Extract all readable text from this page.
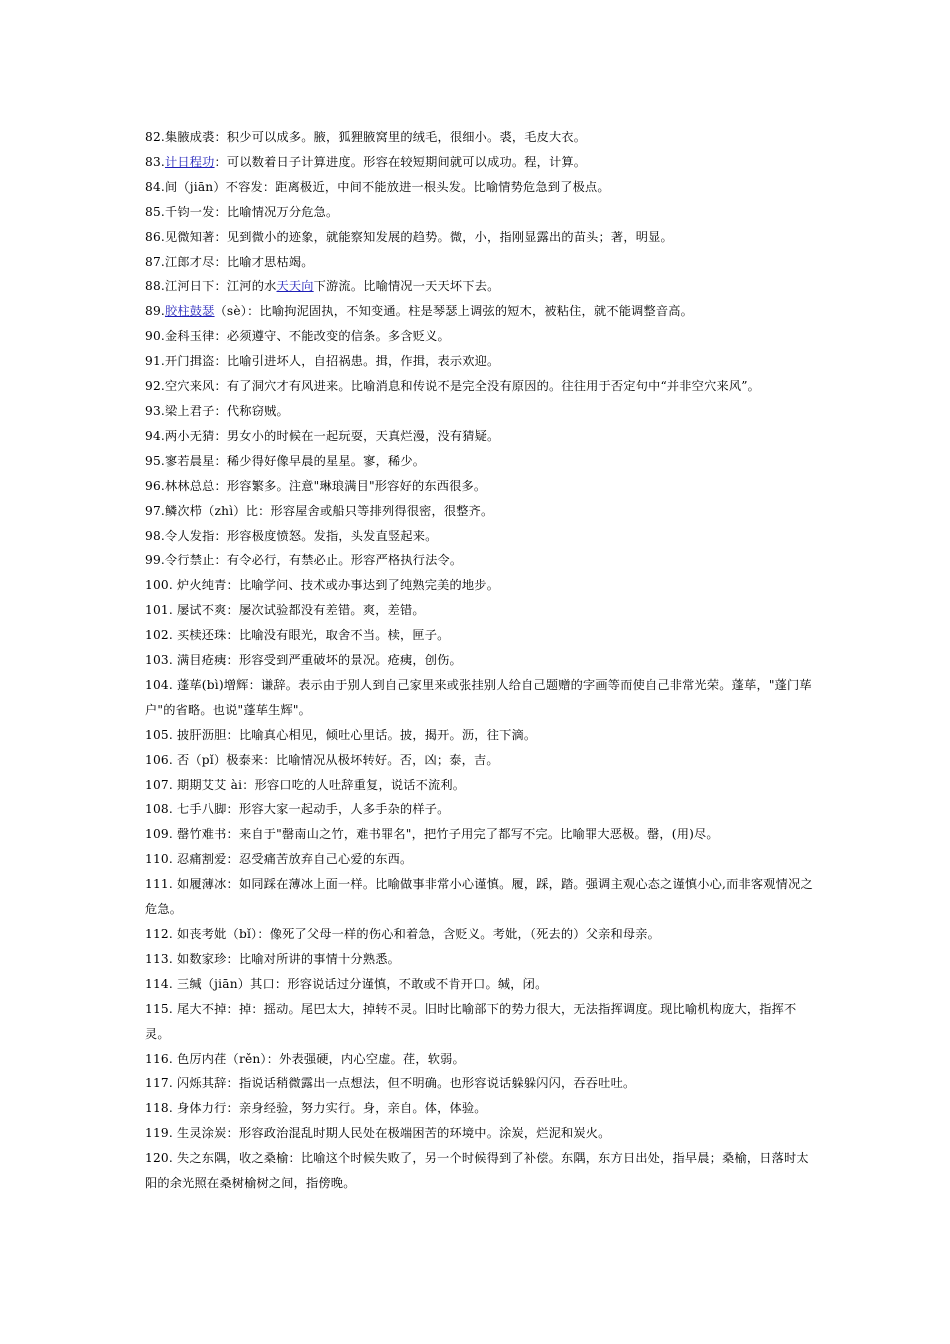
82.集腋成裘：积少可以成多。腋，狐狸腋窝里的绒毛，很细小。裘，毛皮大衣。

83.计日程功：可以数着日子计算进度。形容在较短期间就可以成功。程，计算。

84.间（jiān）不容发：距离极近，中间不能放进一根头发。比喻情势危急到了极点。

85.千钧一发：比喻情况万分危急。

86.见微知著：见到微小的迹象，就能察知发展的趋势。微，小，指刚显露出的苗头；著，明显。

87.江郎才尽：比喻才思枯竭。

88.江河日下：江河的水天天向下游流。比喻情况一天天坏下去。

89.胶柱鼓瑟（sè）：比喻拘泥固执，不知变通。柱是琴瑟上调弦的短木，被粘住，就不能调整音高。

90.金科玉律：必须遵守、不能改变的信条。多含贬义。

91.开门揖盗：比喻引进坏人，自招祸患。揖，作揖，表示欢迎。

92.空穴来风：有了洞穴才有风进来。比喻消息和传说不是完全没有原因的。往往用于否定句中“并非空穴来风”。

93.梁上君子：代称窃贼。

94.两小无猜：男女小的时候在一起玩耍，天真烂漫，没有猜疑。

95.寥若晨星：稀少得好像早晨的星星。寥，稀少。

96.林林总总：形容繁多。注意"琳琅满目"形容好的东西很多。

97.鳞次栉（zhì）比：形容屋舍或船只等排列得很密，很整齐。

98.令人发指：形容极度愤怒。发指，头发直竖起来。

99.令行禁止：有令必行，有禁必止。形容严格执行法令。

100. 炉火纯青：比喻学问、技术或办事达到了纯熟完美的地步。

101. 屡试不爽：屡次试验都没有差错。爽，差错。

102. 买椟还珠：比喻没有眼光，取舍不当。椟，匣子。

103. 满目疮痍：形容受到严重破坏的景况。疮痍，创伤。

104. 蓬荜(bì)增辉：谦辞。表示由于别人到自己家里来或张挂别人给自己题赠的字画等而使自己非常光荣。蓬荜，"蓬门荜户"的省略。也说"蓬荜生辉"。

105. 披肝沥胆：比喻真心相见，倾吐心里话。披，揭开。沥，往下滴。

106. 否（pǐ）极泰来：比喻情况从极坏转好。否，凶；泰，吉。

107. 期期艾艾 ài：形容口吃的人吐辞重复，说话不流利。

108. 七手八脚：形容大家一起动手，人多手杂的样子。

109. 罄竹难书：来自于"罄南山之竹，难书罪名"，把竹子用完了都写不完。比喻罪大恶极。罄，(用)尽。

110. 忍痛割爱：忍受痛苦放弃自己心爱的东西。

111. 如履薄冰：如同踩在薄冰上面一样。比喻做事非常小心谨慎。履，踩，踏。强调主观心态之谨慎小心,而非客观情况之危急。

112. 如丧考妣（bǐ）：像死了父母一样的伤心和着急，含贬义。考妣，（死去的）父亲和母亲。

113. 如数家珍：比喻对所讲的事情十分熟悉。

114. 三缄（jiān）其口：形容说话过分谨慎，不敢或不肯开口。缄，闭。

115. 尾大不掉：掉：摇动。尾巴太大，掉转不灵。旧时比喻部下的势力很大，无法指挥调度。现比喻机构庞大，指挥不灵。

116. 色厉内荏（rěn）：外表强硬，内心空虚。荏，软弱。

117. 闪烁其辞：指说话稍微露出一点想法，但不明确。也形容说话躲躲闪闪，吞吞吐吐。

118. 身体力行：亲身经验，努力实行。身，亲自。体，体验。

119. 生灵涂炭：形容政治混乱时期人民处在极端困苦的环境中。涂炭，烂泥和炭火。

120. 失之东隅，收之桑榆：比喻这个时候失败了，另一个时候得到了补偿。东隅，东方日出处，指早晨；桑榆，日落时太阳的余光照在桑树榆树之间，指傍晚。
